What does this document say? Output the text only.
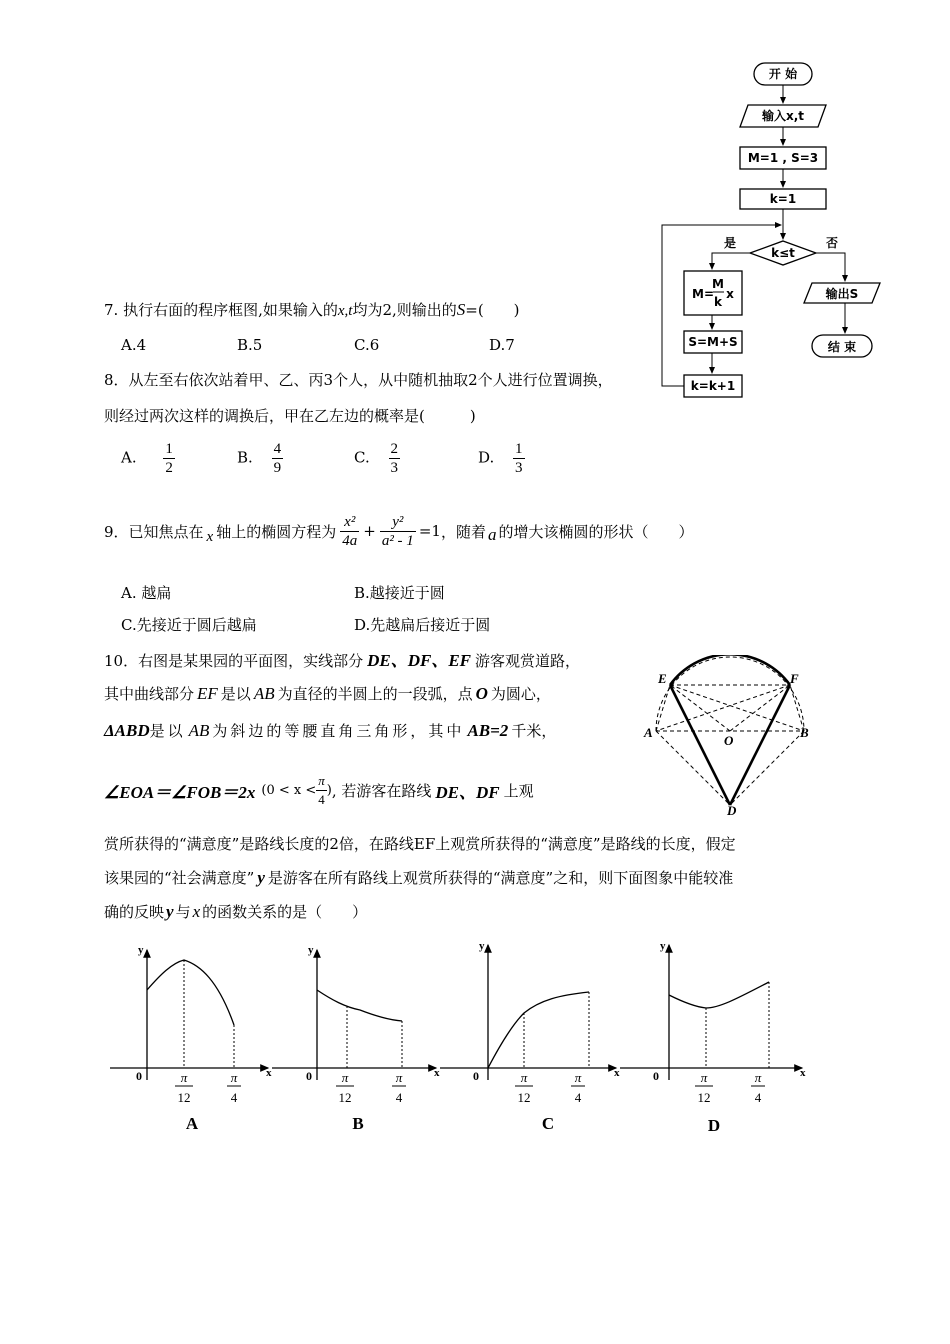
开 始
输入x,t
M=1 , S=3
k=1
k≤t
是	否
M=
M
k
x
S=M+S
k=k+1
输出S
结 束
7. 执行右面的程序框图,如果输入的x,t均为2,则输出的S=(　　)
A.4	B.5	C.6	D.7
8．从左至右依次站着甲、乙、丙3个人，从中随机抽取2个人进行位置调换，
则经过两次这样的调换后，甲在乙左边的概率是(　　　)
A. $\frac{1}{2}$	B. $\frac{4}{9}$	C. $\frac{2}{3}$	D. $\frac{1}{3}$
9．已知焦点在 x 轴上的椭圆方程为 $\frac{\text{x²}}{4a} + \frac{\text{y²}}{\text{a² - 1}} =1$ ，随着 a 的增大该椭圆的形状（　　）
A. 越扁	B.越接近于圆
C.先接近于圆后越扁	D.先越扁后接近于圆
10．右图是某果园的平面图，实线部分 DE、DF、EF 游客观赏道路，
其中曲线部分 EF 是以 AB 为直径的半圆上的一段弧，点 O 为圆心，
ΔABD是以 AB 为斜边的等腰直角三角形，其中 AB=2 千米，
∠EOA＝∠FOB＝2x ($0 < x < \frac{\pi}{4}$ ) , 若游客在路线 DE、DF 上观
赏所获得的“满意度”是路线长度的2倍，在路线EF上观赏所获得的“满意度”是路线的长度，假定
该果园的“社会满意度” y 是游客在所有路线上观赏所获得的“满意度”之和，则下面图象中能较准
确的反映 y 与 x 的函数关系的是（　　）
E	F
A
O
B
D
y
x
0	π
12
π
4
A
y
x
0 π
12
π
4
B
y
x
0	π
12
π
4
C
y
x
0	π
12
π
4
D
